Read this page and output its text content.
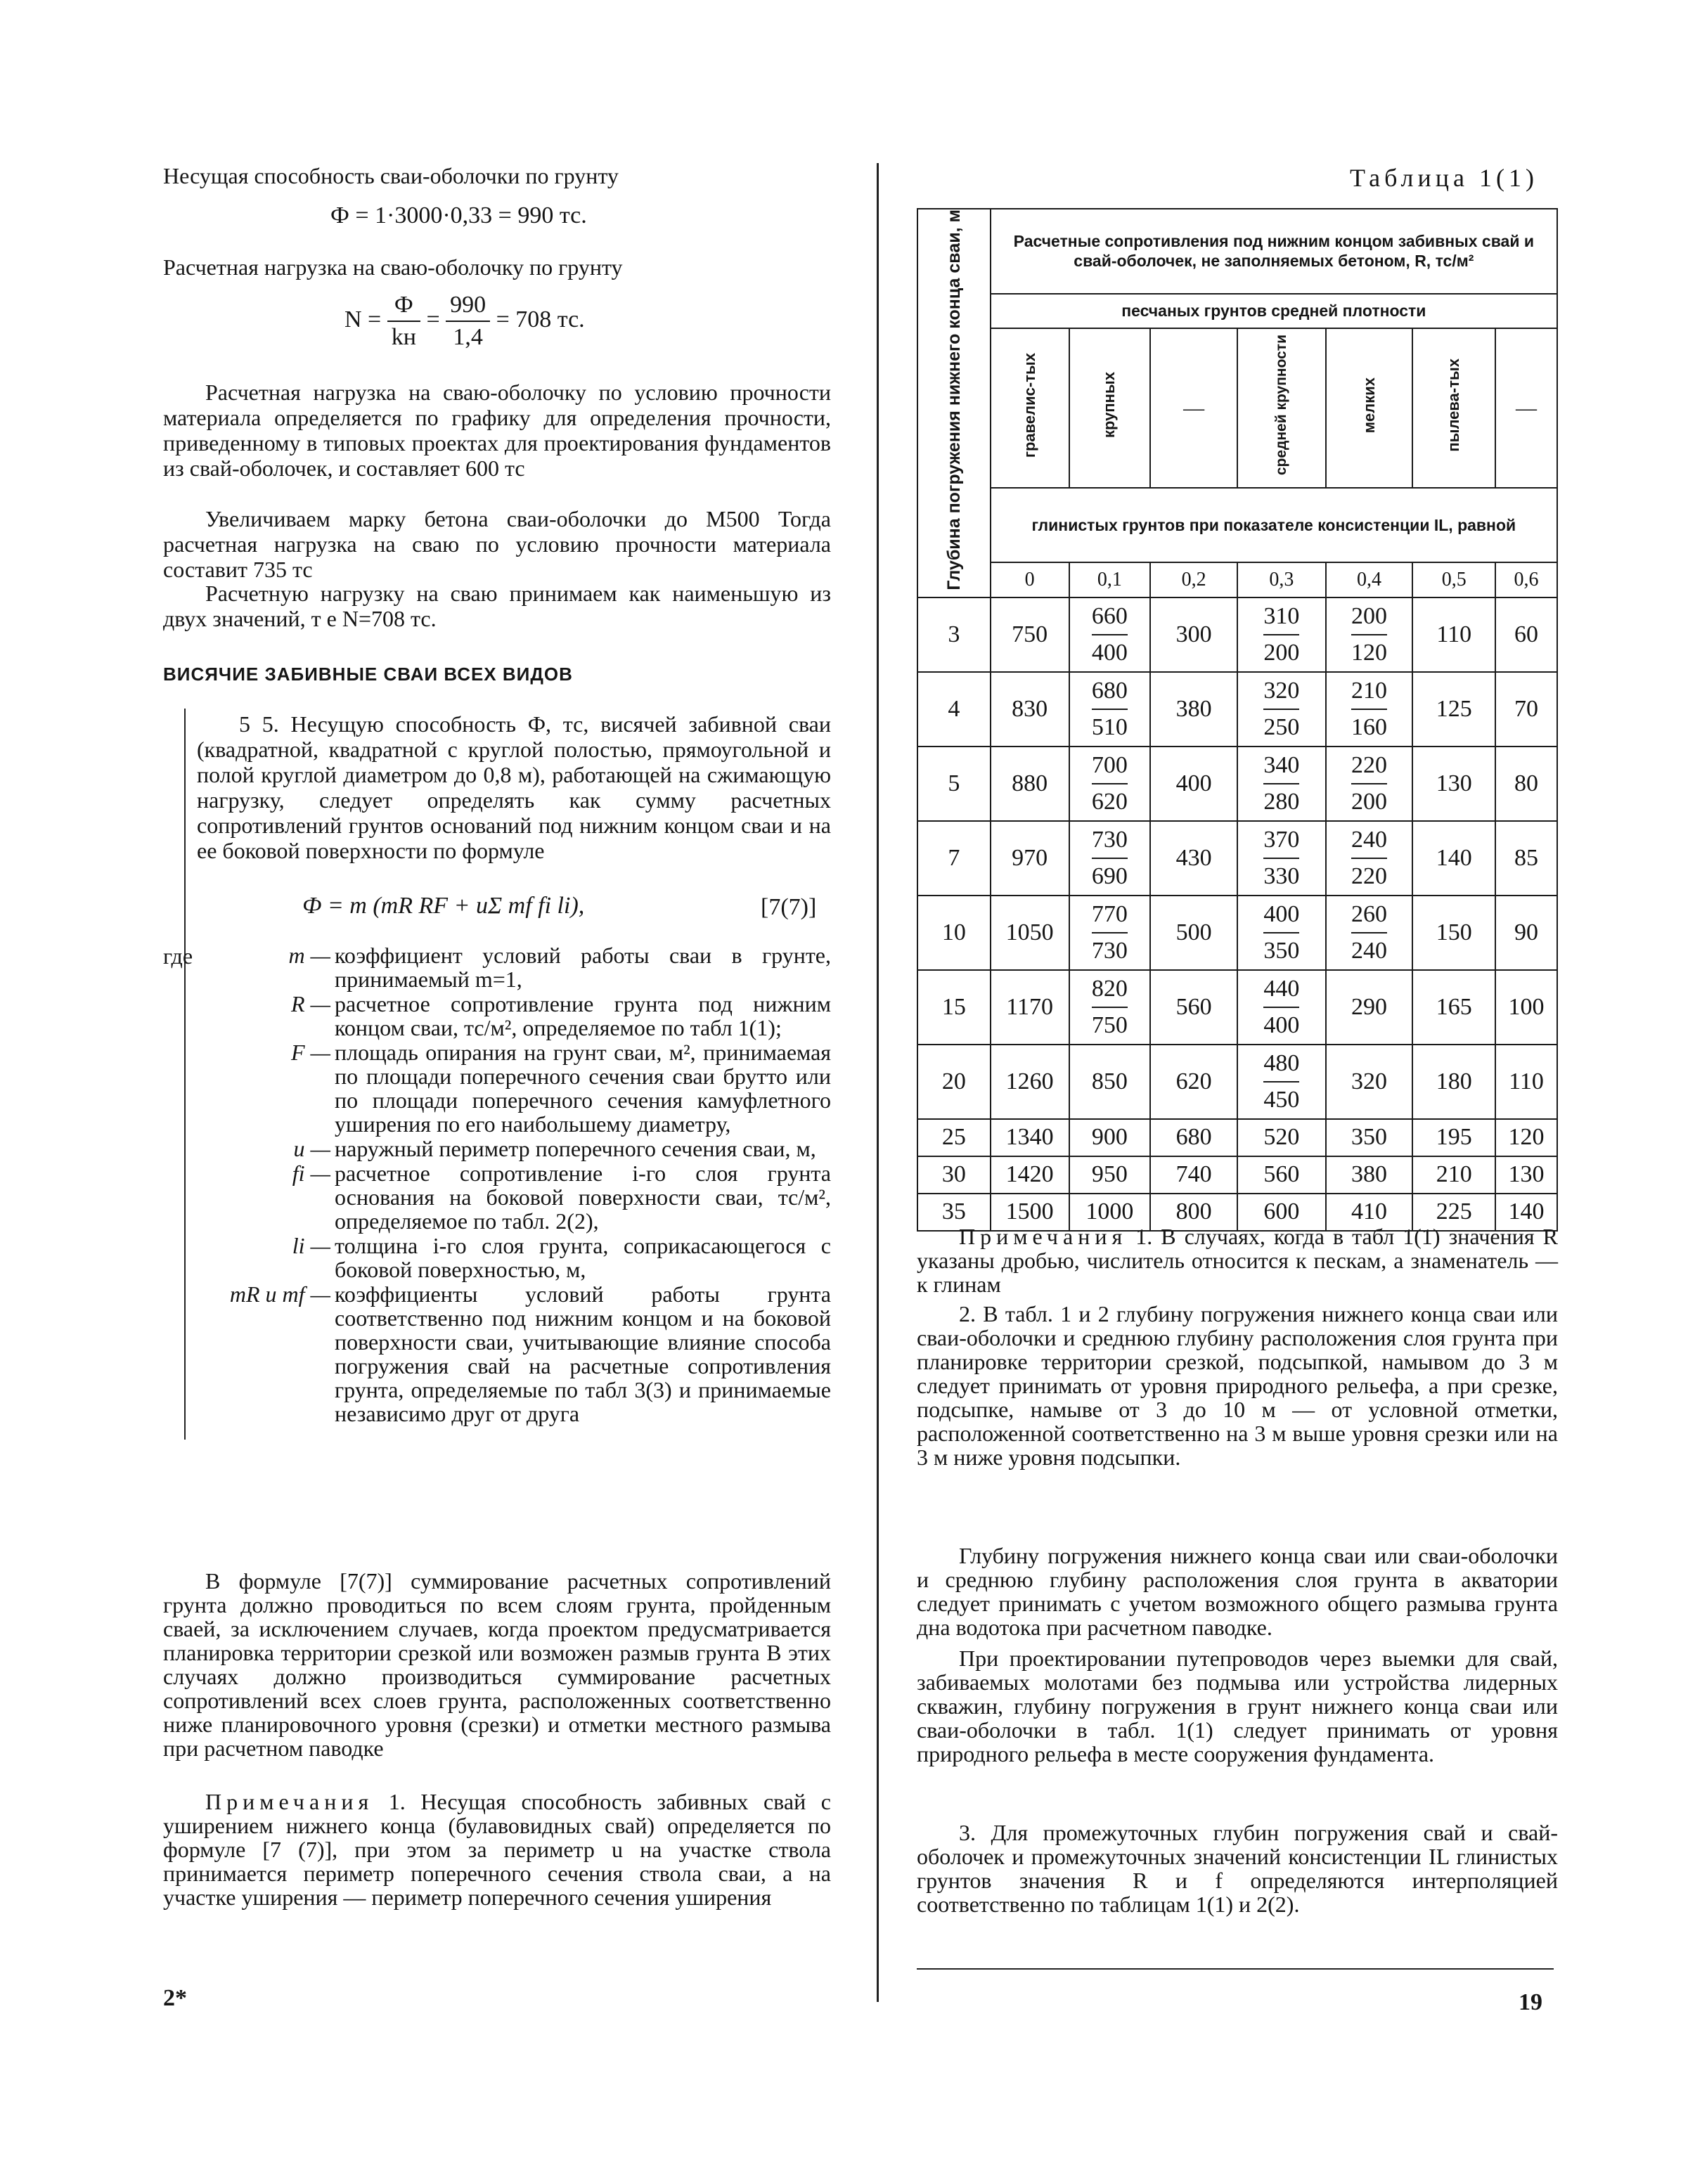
Несущая способность сваи-оболочки по грунту

Ф = 1·3000·0,33 = 990 тс.

Расчетная нагрузка на сваю-оболочку по грунту

$N = \frac{Ф}{kн} = \frac{990}{1,4} = 708$ тс.

Расчетная нагрузка на сваю-оболочку по условию прочности материала определяется по графику для определения прочности, приведенному в типовых проектах для проектирования фундаментов из свай-оболочек, и составляет 600 тс

Увеличиваем марку бетона сваи-оболочки до М500 Тогда расчетная нагрузка на сваю по условию прочности материала составит 735 тс

Расчетную нагрузку на сваю принимаем как наименьшую из двух значений, т е N=708 тс.

ВИСЯЧИЕ ЗАБИВНЫЕ СВАИ ВСЕХ ВИДОВ

5 5. Несущую способность Ф, тс, висячей забивной сваи (квадратной, квадратной с круглой полостью, прямоугольной и полой круглой диаметром до 0,8 м), работающей на сжимающую нагрузку, следует определять как сумму расчетных сопротивлений грунтов оснований под нижним концом сваи и на ее боковой поверхности по формуле

Ф = m (mR RF + uΣ mf fi li),	[7(7)]
где	m — коэффициент условий работы сваи в грунте, принимаемый m=1,
R — расчетное сопротивление грунта под нижним концом сваи, тс/м², определяемое по табл 1(1);
F — площадь опирания на грунт сваи, м², принимаемая по площади поперечного сечения сваи брутто или по площади поперечного сечения камуфлетного уширения по его наибольшему диаметру,
u — наружный периметр поперечного сечения сваи, м,
fi — расчетное сопротивление i-го слоя грунта основания на боковой поверхности сваи, тс/м², определяемое по табл. 2(2),
li — толщина i-го слоя грунта, соприкасающегося с боковой поверхностью, м,
mR и mf — коэффициенты условий работы грунта соответственно под нижним концом и на боковой поверхности сваи, учитывающие влияние способа погружения свай на расчетные сопротивления грунта, определяемые по табл 3(3) и принимаемые независимо друг от друга

В формуле [7(7)] суммирование расчетных сопротивлений грунта должно проводиться по всем слоям грунта, пройденным сваей, за исключением случаев, когда проектом предусматривается планировка территории срезкой или возможен размыв грунта В этих случаях должно производиться суммирование расчетных сопротивлений всех слоев грунта, расположенных соответственно ниже планировочного уровня (срезки) и отметки местного размыва при расчетном паводке

Примечания 1. Несущая способность забивных свай с уширением нижнего конца (булавовидных свай) определяется по формуле [7 (7)], при этом за периметр u на участке ствола принимается периметр поперечного сечения ствола сваи, а на участке уширения — периметр поперечного сечения уширения
2*
Таблица 1(1)
Глубина погружения нижнего конца сваи, м	Расчетные сопротивления под нижним концом забивных свай и свай-оболочек, не заполняемых бетоном, R, тс/м²						
	песчаных грунтов средней плотности						
	гравелис-тых	крупных	—	средней крупности	мелких	пылева-тых	—
	глинистых грунтов при показателе консистенции IL, равной						
	0	0,1	0,2	0,3	0,4	0,5	0,6
3	750	$\frac{660}{400}$	300	$\frac{310}{200}$	$\frac{200}{120}$	110	60
4	830	$\frac{680}{510}$	380	$\frac{320}{250}$	$\frac{210}{160}$	125	70
5	880	$\frac{700}{620}$	400	$\frac{340}{280}$	$\frac{220}{200}$	130	80
7	970	$\frac{730}{690}$	430	$\frac{370}{330}$	$\frac{240}{220}$	140	85
10	1050	$\frac{770}{730}$	500	$\frac{400}{350}$	$\frac{260}{240}$	150	90
15	1170	$\frac{820}{750}$	560	$\frac{440}{400}$	290	165	100
20	1260	850	620	$\frac{480}{450}$	320	180	110
25	1340	900	680	520	350	195	120
30	1420	950	740	560	380	210	130
35	1500	1000	800	600	410	225	140
Примечания 1. В случаях, когда в табл 1(1) значения R указаны дробью, числитель относится к пескам, а знаменатель — к глинам

2. В табл. 1 и 2 глубину погружения нижнего конца сваи или сваи-оболочки и среднюю глубину расположения слоя грунта при планировке территории срезкой, подсыпкой, намывом до 3 м следует принимать от уровня природного рельефа, а при срезке, подсыпке, намыве от 3 до 10 м — от условной отметки, расположенной соответственно на 3 м выше уровня срезки или на 3 м ниже уровня подсыпки.

Глубину погружения нижнего конца сваи или сваи-оболочки и среднюю глубину расположения слоя грунта в акватории следует принимать с учетом возможного общего размыва грунта дна водотока при расчетном паводке.

При проектировании путепроводов через выемки для свай, забиваемых молотами без подмыва или устройства лидерных скважин, глубину погружения в грунт нижнего конца сваи или сваи-оболочки в табл. 1(1) следует принимать от уровня природного рельефа в месте сооружения фундамента.

3. Для промежуточных глубин погружения свай и свай-оболочек и промежуточных значений консистенции IL глинистых грунтов значения R и f определяются интерполяцией соответственно по таблицам 1(1) и 2(2).

19
